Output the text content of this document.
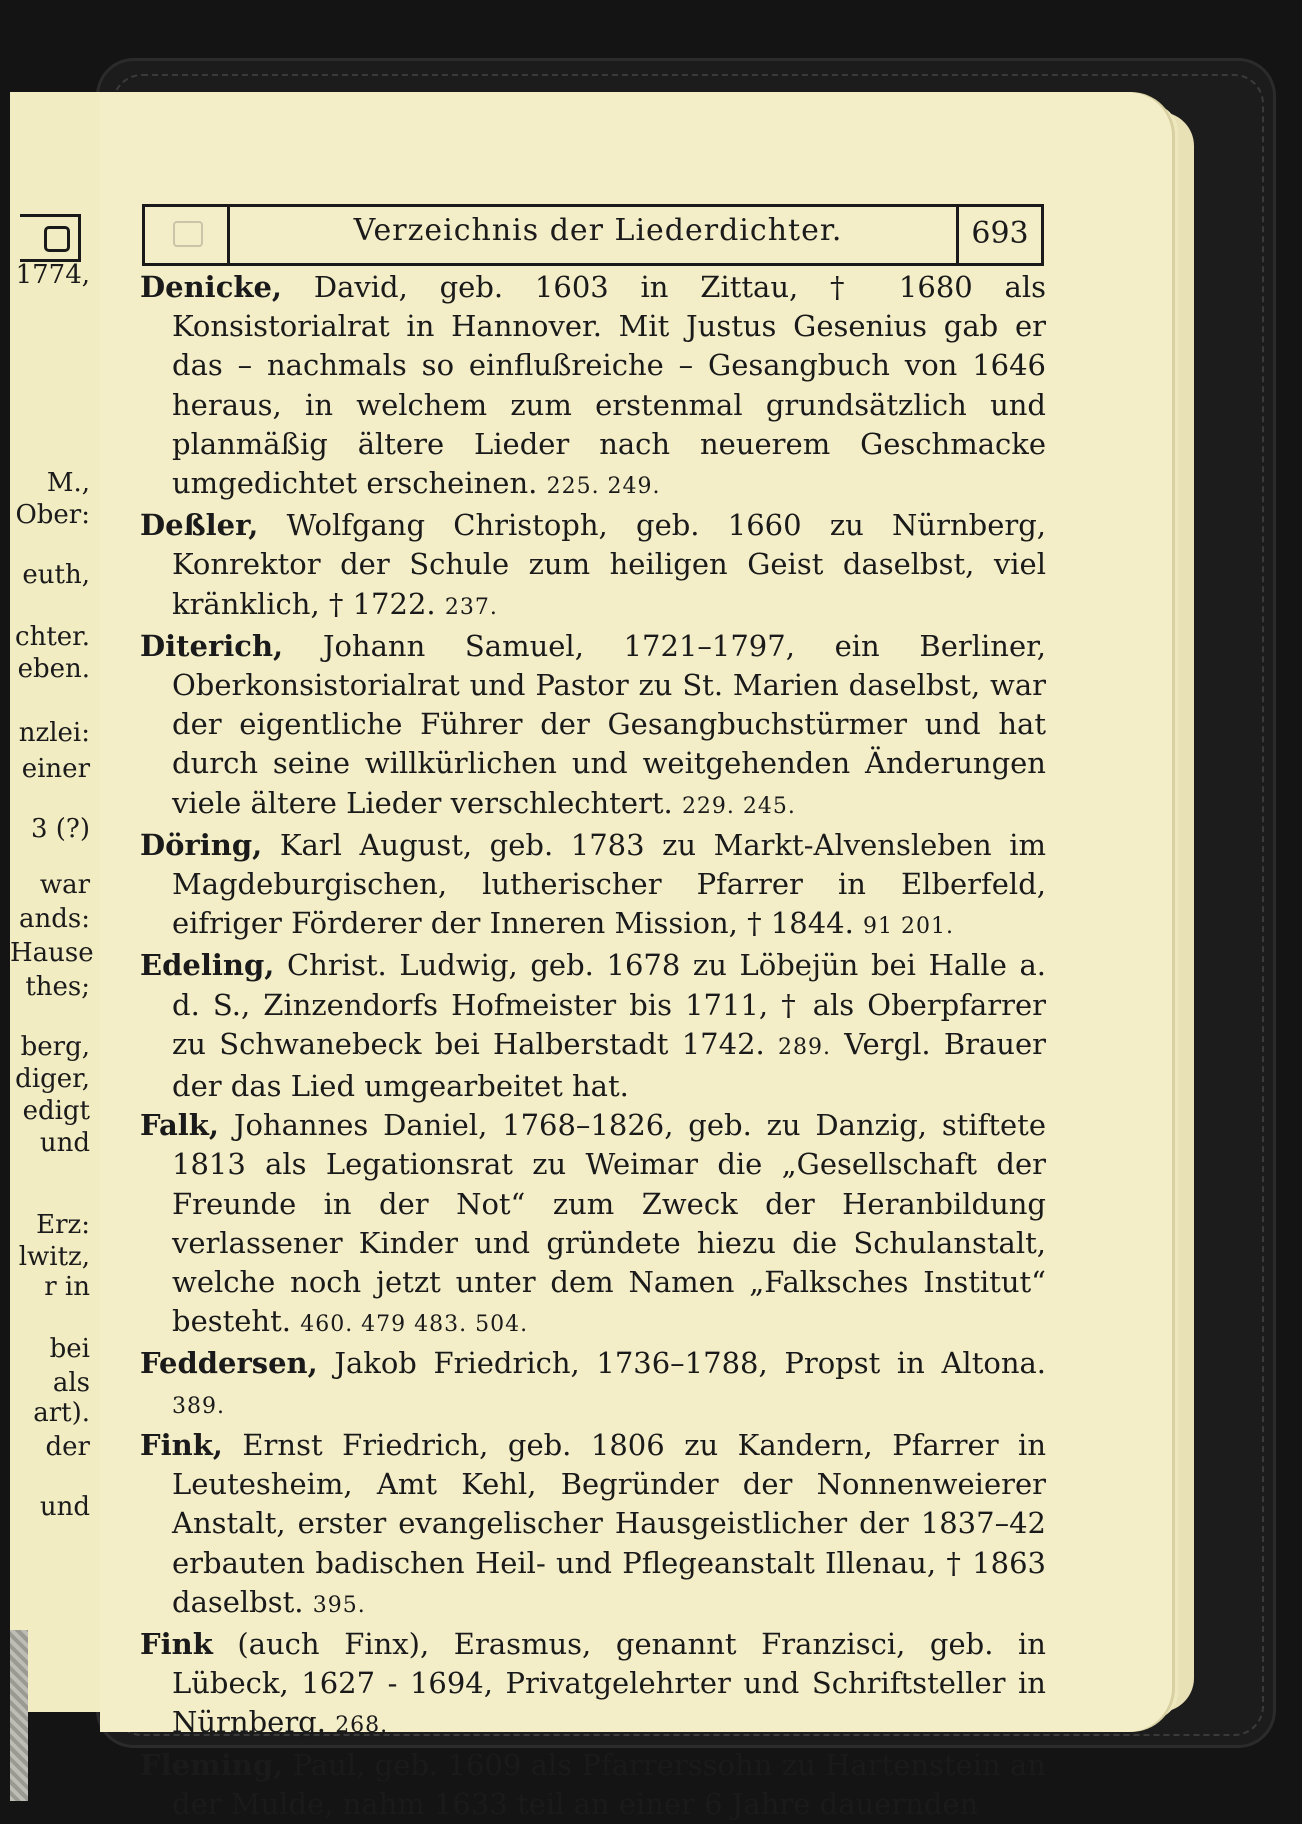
1774,
M.,
Ober:
euth,
chter.
eben.
nzlei:
einer
3 (?)
war
ands:
Hause
thes;
berg,
diger,
edigt
und
Erz:
lwitz,
r in
bei
als
art).
der
und
Verzeichnis der Liederdichter.	693

Denicke, David, geb. 1603 in Zittau, † 1680 als Konsistorialrat in Hannover. Mit Justus Gesenius gab er das – nachmals so einflußreiche – Gesangbuch von 1646 heraus, in welchem zum erstenmal grundsätzlich und planmäßig ältere Lieder nach neuerem Geschmacke umgedichtet erscheinen. 225. 249.

Deßler, Wolfgang Christoph, geb. 1660 zu Nürnberg, Konrektor der Schule zum heiligen Geist daselbst, viel kränklich, † 1722. 237.

Diterich, Johann Samuel, 1721–1797, ein Berliner, Oberkonsistorialrat und Pastor zu St. Marien daselbst, war der eigentliche Führer der Gesangbuchstürmer und hat durch seine willkürlichen und weitgehenden Änderungen viele ältere Lieder verschlechtert. 229. 245.

Döring, Karl August, geb. 1783 zu Markt-Alvensleben im Magdeburgischen, lutherischer Pfarrer in Elberfeld, eifriger Förderer der Inneren Mission, † 1844. 91 201.

Edeling, Christ. Ludwig, geb. 1678 zu Löbejün bei Halle a. d. S., Zinzendorfs Hofmeister bis 1711, † als Oberpfarrer zu Schwanebeck bei Halberstadt 1742. 289. Vergl. Brauer der das Lied umgearbeitet hat.

Falk, Johannes Daniel, 1768–1826, geb. zu Danzig, stiftete 1813 als Legationsrat zu Weimar die „Gesellschaft der Freunde in der Not“ zum Zweck der Heranbildung verlassener Kinder und gründete hiezu die Schulanstalt, welche noch jetzt unter dem Namen „Falksches Institut“ besteht. 460. 479 483. 504.

Feddersen, Jakob Friedrich, 1736–1788, Propst in Altona. 389.

Fink, Ernst Friedrich, geb. 1806 zu Kandern, Pfarrer in Leutesheim, Amt Kehl, Begründer der Nonnenweierer Anstalt, erster evangelischer Hausgeistlicher der 1837–42 erbauten badischen Heil- und Pflegeanstalt Illenau, † 1863 daselbst. 395.

Fink (auch Finx), Erasmus, genannt Franzisci, geb. in Lübeck, 1627 - 1694, Privatgelehrter und Schriftsteller in Nürnberg. 268.

Fleming, Paul, geb. 1609 als Pfarrerssohn zu Hartenstein an der Mulde, nahm 1633 teil an einer 6 Jahre dauernden
